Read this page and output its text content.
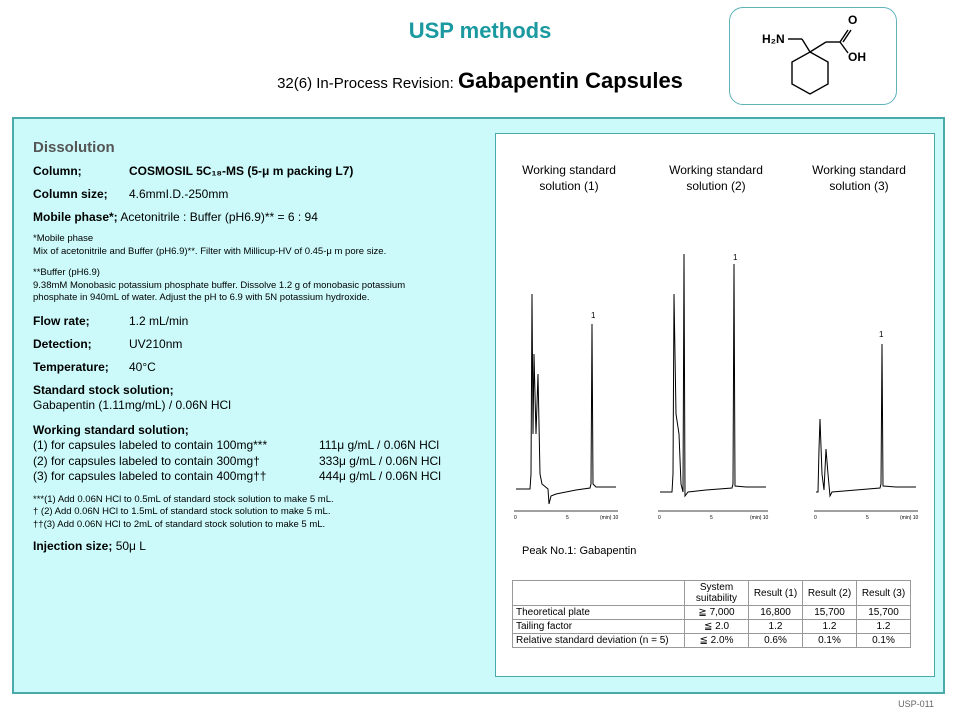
USP methods
32(6) In-Process Revision: Gabapentin Capsules
H₂N
O
OH
Dissolution
Column;	COSMOSIL 5C₁₈-MS (5-μ m packing L7)
Column size; 4.6mmI.D.-250mm
Mobile phase*; Acetonitrile : Buffer (pH6.9)** = 6 : 94
*Mobile phase
Mix of acetonitrile and Buffer (pH6.9)**. Filter with Millicup-HV of 0.45-μ m pore size.
**Buffer (pH6.9)
9.38mM Monobasic potassium phosphate buffer. Dissolve 1.2 g of monobasic potassium
phosphate in 940mL of water. Adjust the pH to 6.9 with 5N potassium hydroxide.
Flow rate;	1.2 mL/min
Detection;	UV210nm
Temperature; 40°C
Standard stock solution;
Gabapentin (1.11mg/mL) / 0.06N HCl
Working standard solution;
(1) for capsules labeled to contain 100mg***	111μ g/mL / 0.06N HCl
(2) for capsules labeled to contain 300mg†	333μ g/mL / 0.06N HCl
(3) for capsules labeled to contain 400mg††	444μ g/mL / 0.06N HCl
***(1) Add 0.06N HCl to 0.5mL of standard stock solution to make 5 mL.
† (2) Add 0.06N HCl to 1.5mL of standard stock solution to make 5 mL.
††(3) Add 0.06N HCl to 2mL of standard stock solution to make 5 mL.
Injection size; 50μ L
Working standard
solution (1)
Working standard
solution (2)
Working standard
solution (3)
1
1
1
0	5	(min) 10	0	5	(min) 10	0	5	(min) 10
Peak No.1: Gabapentin
	System suitability	Result (1)	Result (2)	Result (3)
Theoretical plate	≧ 7,000	16,800	15,700	15,700
Tailing factor	≦ 2.0	1.2	1.2	1.2
Relative standard deviation (n = 5)	≦ 2.0%	0.6%	0.1%	0.1%
USP-011
